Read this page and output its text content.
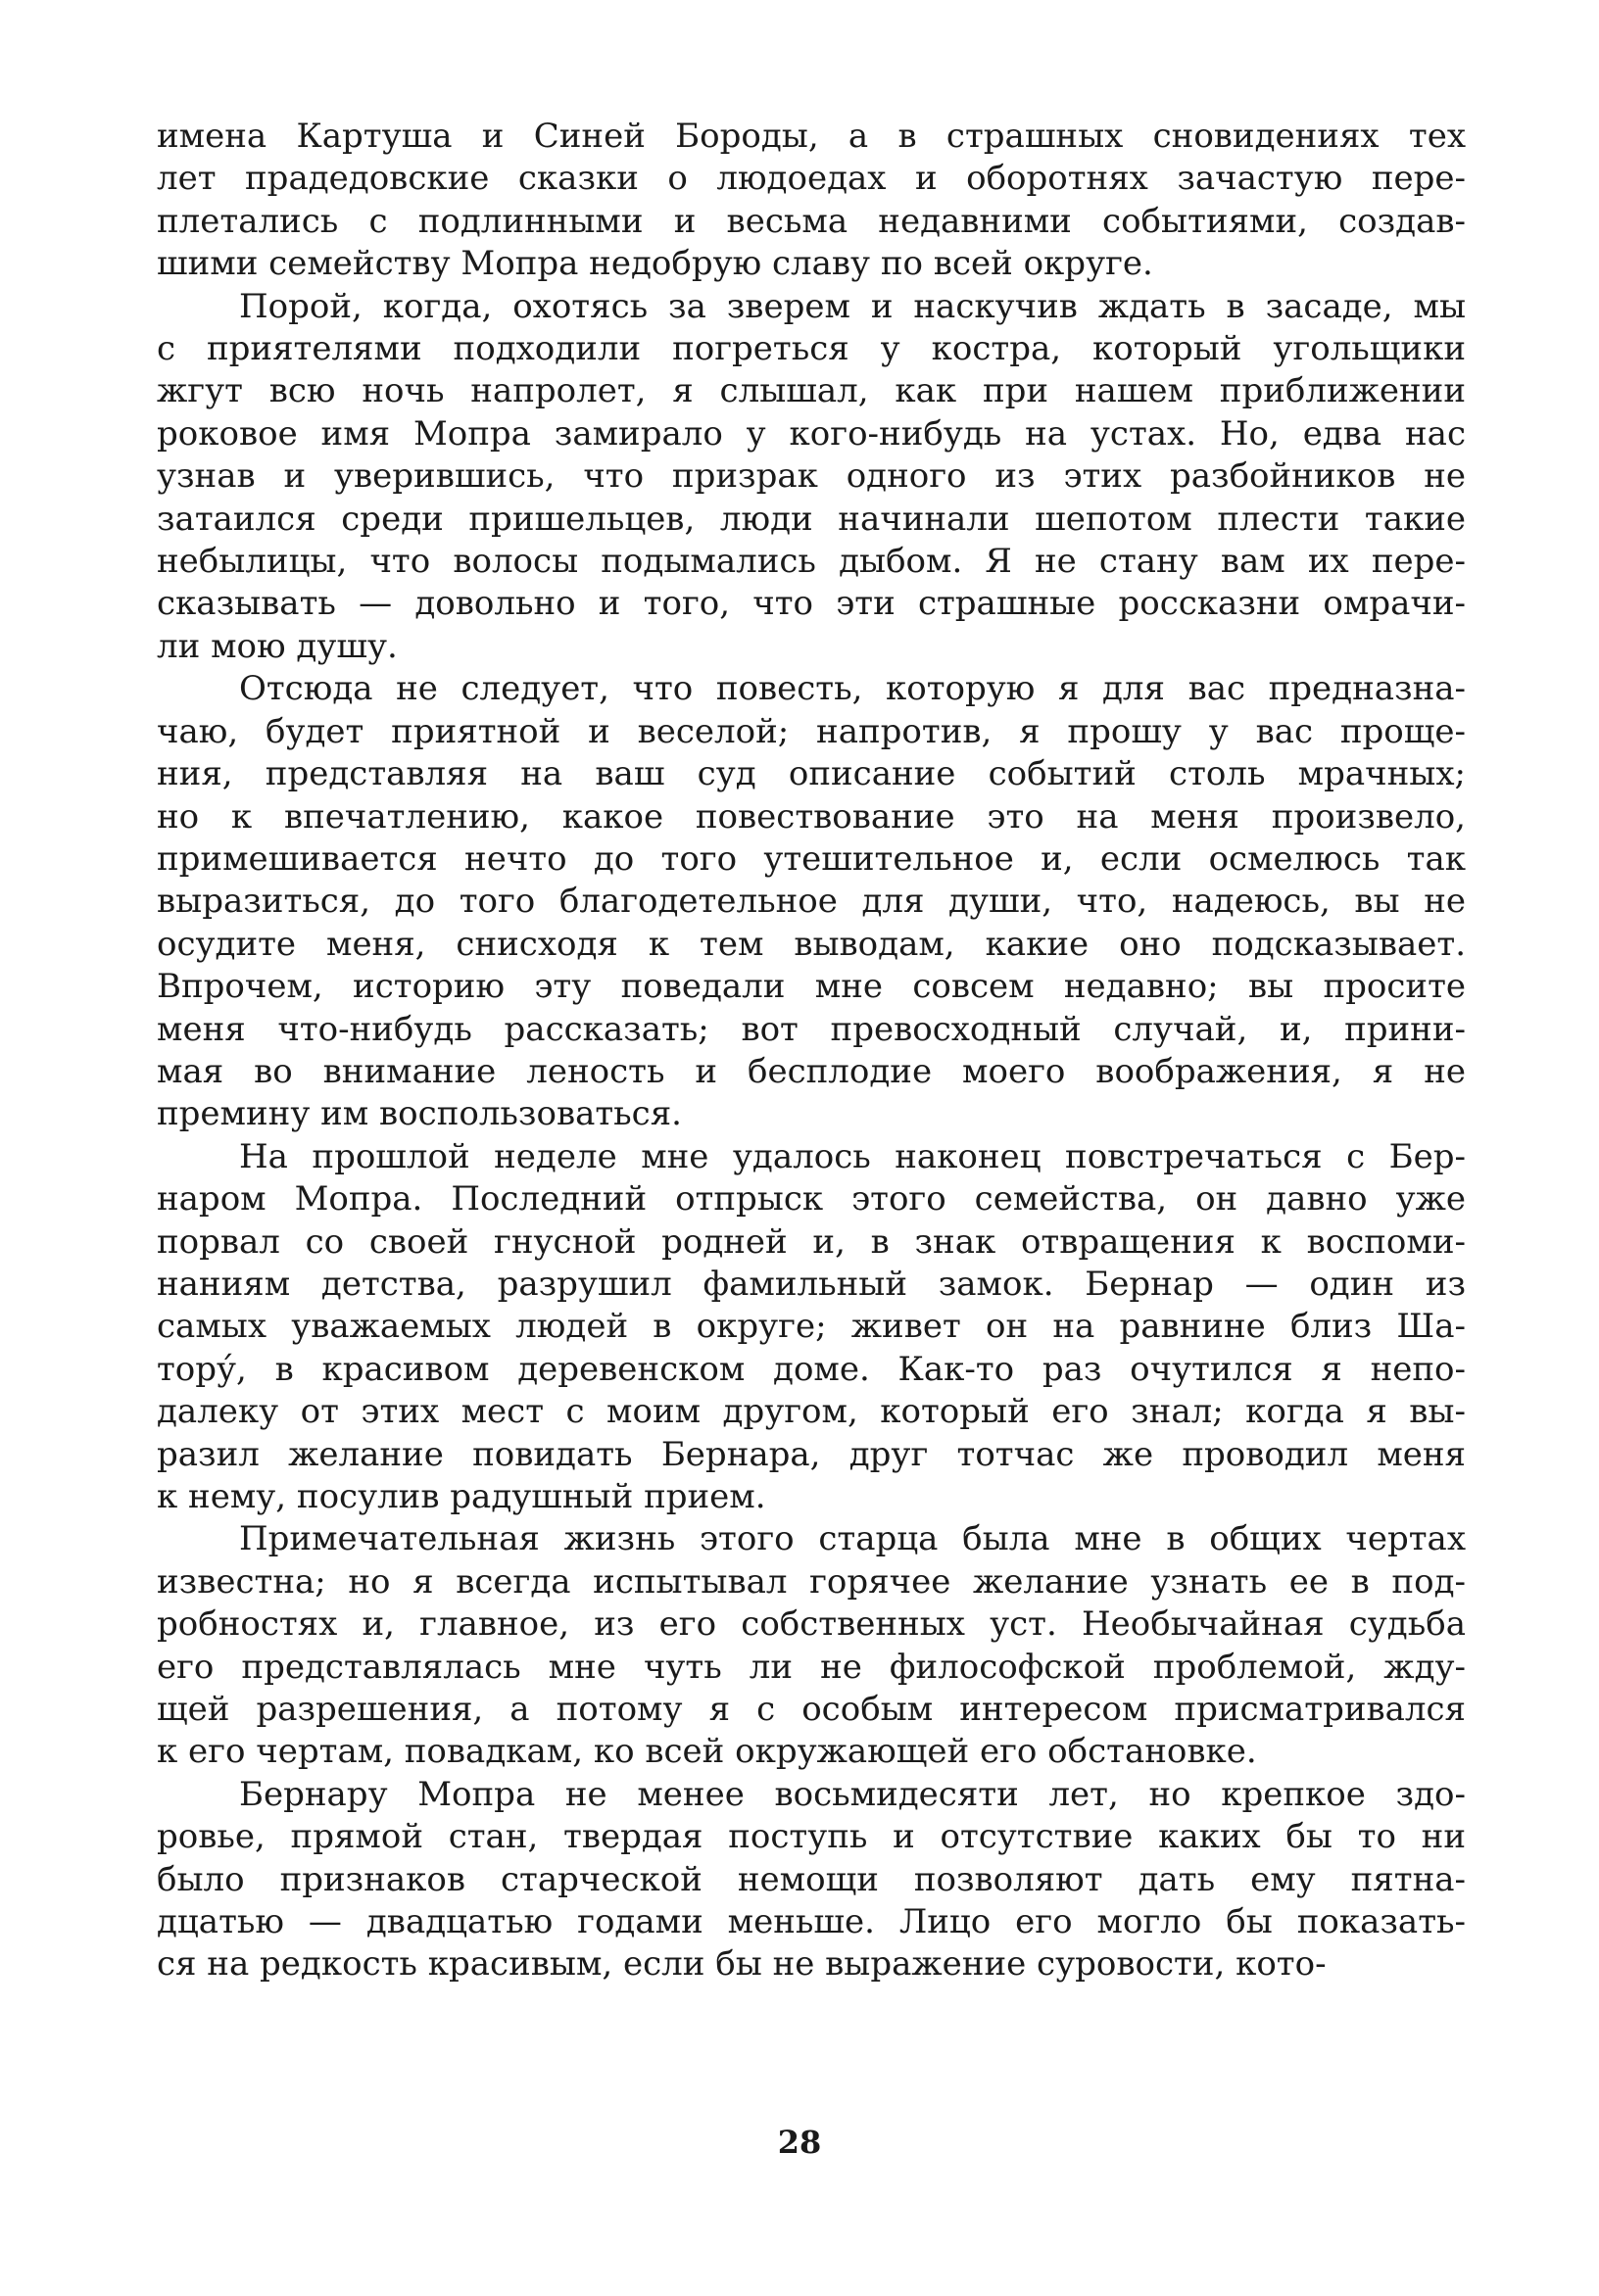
имена Картуша и Синей Бороды, а в страшных сновидениях тех
лет прадедовские сказки о людоедах и оборотнях зачастую пере-
плетались с подлинными и весьма недавними событиями, создав-
шими семейству Мопра недобрую славу по всей округе.
Порой, когда, охотясь за зверем и наскучив ждать в засаде, мы
с приятелями подходили погреться у костра, который угольщики
жгут всю ночь напролет, я слышал, как при нашем приближении
роковое имя Мопра замирало у кого-нибудь на устах. Но, едва нас
узнав и уверившись, что призрак одного из этих разбойников не
затаился среди пришельцев, люди начинали шепотом плести такие
небылицы, что волосы подымались дыбом. Я не стану вам их пере-
сказывать — довольно и того, что эти страшные россказни омрачи-
ли мою душу.
Отсюда не следует, что повесть, которую я для вас предназна-
чаю, будет приятной и веселой; напротив, я прошу у вас проще-
ния, представляя на ваш суд описание событий столь мрачных;
но к впечатлению, какое повествование это на меня произвело,
примешивается нечто до того утешительное и, если осмелюсь так
выразиться, до того благодетельное для души, что, надеюсь, вы не
осудите меня, снисходя к тем выводам, какие оно подсказывает.
Впрочем, историю эту поведали мне совсем недавно; вы просите
меня что-нибудь рассказать; вот превосходный случай, и, прини-
мая во внимание леность и бесплодие моего воображения, я не
премину им воспользоваться.
На прошлой неделе мне удалось наконец повстречаться с Бер-
наром Мопра. Последний отпрыск этого семейства, он давно уже
порвал со своей гнусной родней и, в знак отвращения к воспоми-
наниям детства, разрушил фамильный замок. Бернар — один из
самых уважаемых людей в округе; живет он на равнине близ Ша-
тору́, в красивом деревенском доме. Как-то раз очутился я непо-
далеку от этих мест с моим другом, который его знал; когда я вы-
разил желание повидать Бернара, друг тотчас же проводил меня
к нему, посулив радушный прием.
Примечательная жизнь этого старца была мне в общих чертах
известна; но я всегда испытывал горячее желание узнать ее в под-
робностях и, главное, из его собственных уст. Необычайная судьба
его представлялась мне чуть ли не философской проблемой, жду-
щей разрешения, а потому я с особым интересом присматривался
к его чертам, повадкам, ко всей окружающей его обстановке.
Бернару Мопра не менее восьмидесяти лет, но крепкое здо-
ровье, прямой стан, твердая поступь и отсутствие каких бы то ни
было признаков старческой немощи позволяют дать ему пятна-
дцатью — двадцатью годами меньше. Лицо его могло бы показать-
ся на редкость красивым, если бы не выражение суровости, кото-
28
